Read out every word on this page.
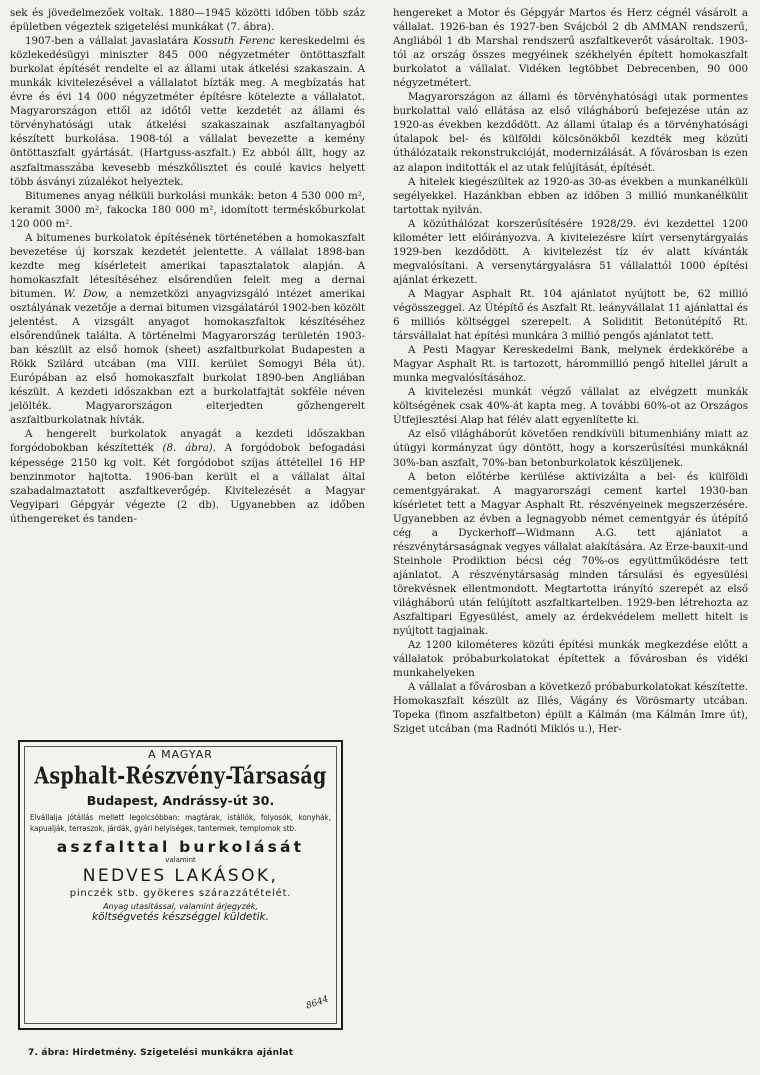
sek és jövedelmezőek voltak. 1880—1945 közötti időben több száz épületben végeztek szigetelési munkákat (7. ábra).

1907-ben a vállalat javaslatára Kossuth Ferenc kereskedelmi és közlekedésügyi miniszter 845 000 négyzetméter öntöttaszfalt burkolat építését rendelte el az állami utak átkelési szakaszain. A munkák kivitelezésével a vállalatot bízták meg. A megbízatás hat évre és évi 14 000 négyzetméter építésre kötelezte a vállalatot. Magyarországon ettől az időtől vette kezdetét az állami és törvényhatósági utak átkelési szakaszainak aszfaltanyagból készített burkolása. 1908-tól a vállalat bevezette a kemény öntöttaszfalt gyártását. (Hartguss-aszfalt.) Ez abból állt, hogy az aszfaltmasszába kevesebb mészkőlisztet és coulé kavics helyett több ásványi zúzalékot helyeztek.

Bitumenes anyag nélküli burkolási munkák: beton 4 530 000 m², keramit 3000 m², fakocka 180 000 m², idomított terméskőburkolat 120 000 m².

A bitumenes burkolatok építésének történetében a homokaszfalt bevezetése új korszak kezdetét jelentette. A vállalat 1898-ban kezdte meg kísérleteit amerikai tapasztalatok alapján. A homokaszfalt létesítéséhez elsőrendűen felelt meg a dernai bitumen. W. Dow, a nemzetközi anyagvizsgáló intézet amerikai osztályának vezetője a dernai bitumen vizsgálatáról 1902-ben közölt jelentést. A vizsgált anyagot homokaszfaltok készítéséhez elsőrendűnek találta. A történelmi Magyarország területén 1903-ban készült az első homok (sheet) aszfaltburkolat Budapesten a Rökk Szilárd utcában (ma VIII. kerület Somogyi Béla út). Európában az első homokaszfalt burkolat 1890-ben Angliában készült. A kezdeti időszakban ezt a burkolatfajtát sokféle néven jelölték. Magyarországon elterjedten gőzhengerelt aszfaltburkolatnak hívták.

A hengerelt burkolatok anyagát a kezdeti időszakban forgódobokban készítették (8. ábra). A forgódobok befogadási képessége 2150 kg volt. Két forgódobot szíjas áttétellel 16 HP benzinmotor hajtotta. 1906-ban került el a vállalat által szabadalmaztatott aszfaltkeverőgép. Kivitelezését a Magyar Vegyipari Gépgyár végezte (2 db). Ugyanebben az időben úthengereket és tanden-

A MAGYAR
Asphalt-Részvény-Társaság
Budapest, Andrássy-út 30.
Elvállalja jótállás mellett legolcsóbban: magtárak, istállók, folyosók, konyhák, kapualják, terraszok, járdák, gyári helyiségek, tantermek, templomok stb.
aszfalttal burkolását
valamint
NEDVES LAKÁSOK,
pinczék stb. gyökeres szárazzátételét.
Anyag utasítással, valamint árjegyzék,
költségvetés készséggel küldetik.
8644
7. ábra: Hirdetmény. Szigetelési munkákra ajánlat

hengereket a Motor és Gépgyár Martos és Herz cégnél vásárolt a vállalat. 1926-ban és 1927-ben Svájcból 2 db AMMAN rendszerű, Angliából 1 db Marshal rendszerű aszfaltkeverőt vásároltak. 1903-tól az ország összes megyéinek székhelyén épített homokaszfalt burkolatot a vállalat. Vidéken legtöbbet Debrecenben, 90 000 négyzetmétert.

Magyarországon az állami és törvényhatósági utak pormentes burkolattal való ellátása az első világháború befejezése után az 1920-as években kezdődött. Az állami útalap és a törvényhatósági útalapok bel- és külföldi kölcsönökből kezdték meg közúti úthálózataik rekonstrukcióját, modernizálását. A fővárosban is ezen az alapon inditották el az utak felújítását, építését.

A hitelek kiegészültek az 1920-as 30-as években a munkanélküli segélyekkel. Hazánkban ebben az időben 3 millió munkanélkülit tartottak nyilván.

A közúthálózat korszerűsítésére 1928/29. évi kezdettel 1200 kilométer lett előirányozva. A kivitelezésre kiírt versenytárgyalás 1929-ben kezdődött. A kivitelezést tíz év alatt kívánták megvalósítani. A versenytárgyalásra 51 vállalattól 1000 építési ajánlat érkezett.

A Magyar Asphalt Rt. 104 ajánlatot nyújtott be, 62 millió végösszeggel. Az Útépítő és Aszfalt Rt. leányvállalat 11 ajánlattal és 6 milliós költséggel szerepelt. A Soliditit Betonútépítő Rt. társvállalat hat építési munkára 3 millió pengős ajánlatot tett.

A Pesti Magyar Kereskedelmi Bank, melynek érdekkörébe a Magyar Asphalt Rt. is tartozott, hárommillió pengő hitellel járult a munka megvalósításához.

A kivitelezési munkát végző vállalat az elvégzett munkák költségének csak 40%-át kapta meg. A további 60%-ot az Országos Útfejlesztési Alap hat félév alatt egyenlítette ki.

Az első világháborút követően rendkívüli bitumenhiány miatt az útügyi kormányzat úgy döntött, hogy a korszerűsítési munkáknál 30%-ban aszfalt, 70%-ban betonburkolatok készüljenek.

A beton előtérbe kerülése aktivizálta a bel- és külföldi cementgyárakat. A magyarországi cement kartel 1930-ban kísérletet tett a Magyar Asphalt Rt. részvényeinek megszerzésére. Ugyanebben az évben a legnagyobb német cementgyár és útépítő cég a Dyckerhoff—Widmann A.G. tett ajánlatot a részvénytársaságnak vegyes vállalat alakítására. Az Erze-bauxit-und Steinhole Prodiktion bécsi cég 70%-os együttműködésre tett ajánlatot. A részvénytársaság minden társulási és egyesülési törekvésnek ellentmondott. Megtartotta irányító szerepét az első világháború után felújított aszfaltkartelben. 1929-ben létrehozta az Aszfaltipari Egyesülést, amely az érdekvédelem mellett hitelt is nyújtott tagjainak.

Az 1200 kilométeres közúti építési munkák megkezdése előtt a vállalatok próbaburkolatokat építettek a fővárosban és vidéki munkahelyeken

A vállalat a fővárosban a következő próbaburkolatokat készítette. Homokaszfalt készült az Illés, Vágány és Vörösmarty utcában. Topeka (finom aszfaltbeton) épült a Kálmán (ma Kálmán Imre út), Sziget utcában (ma Radnóti Miklós u.), Her-
